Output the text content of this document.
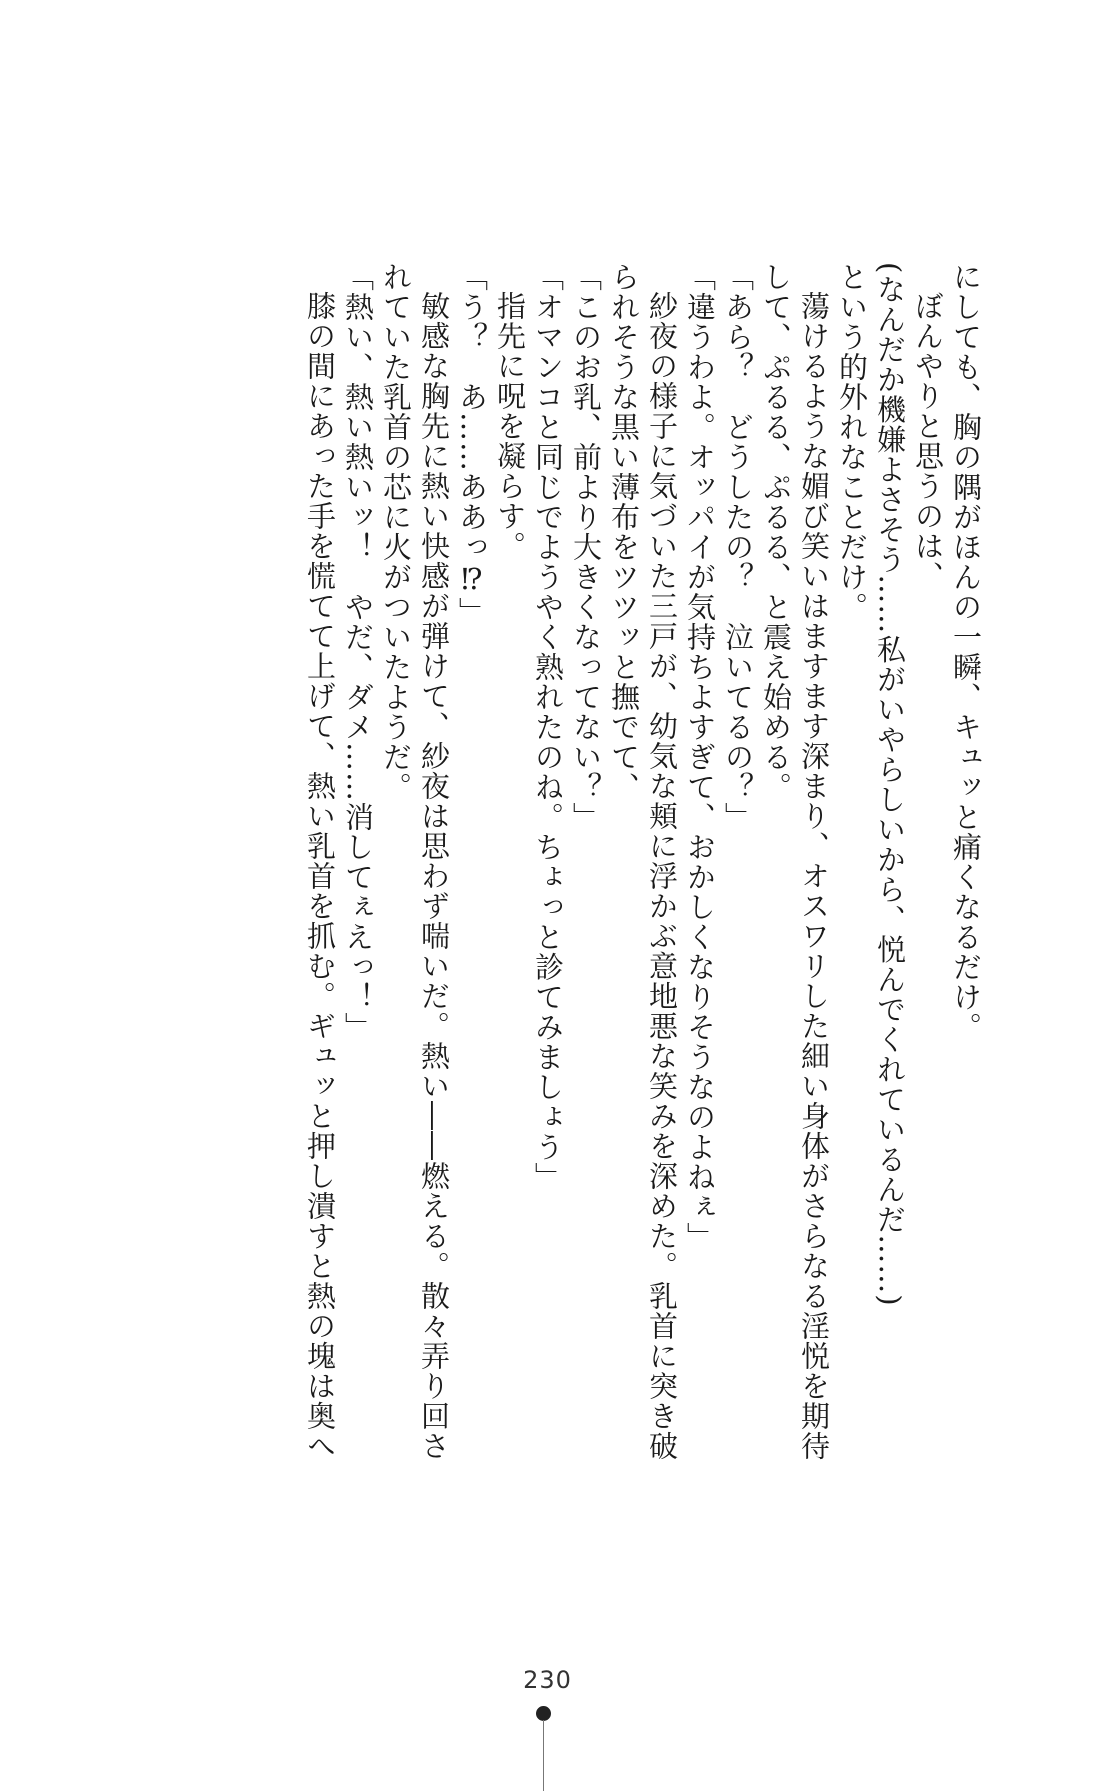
にしても、胸の隅がほんの一瞬、キュッと痛くなるだけ。

ぼんやりと思うのは、

(なんだか機嫌よさそう……私がいやらしいから、悦んでくれているんだ……)

という的外れなことだけ。

蕩けるような媚び笑いはますます深まり、オスワリした細い身体がさらなる淫悦を期待して、ぷるる、ぷるる、と震え始める。

「あら？　どうしたの？　泣いてるの？」

「違うわよ。オッパイが気持ちよすぎて、おかしくなりそうなのよねぇ」

紗夜の様子に気づいた三戸が、幼気な頬に浮かぶ意地悪な笑みを深めた。乳首に突き破られそうな黒い薄布をツツッと撫でて、

「このお乳、前より大きくなってない？」

「オマンコと同じでようやく熟れたのね。ちょっと診てみましょう」

指先に呪を凝らす。

「う？　あ……ああっ⁉」

敏感な胸先に熱い快感が弾けて、紗夜は思わず喘いだ。熱い――燃える。散々弄り回されていた乳首の芯に火がついたようだ。

「熱い、熱い熱いッ！　やだ、ダメ……消してぇえっ！」

膝の間にあった手を慌てて上げて、熱い乳首を抓む。ギュッと押し潰すと熱の塊は奥へ

230
